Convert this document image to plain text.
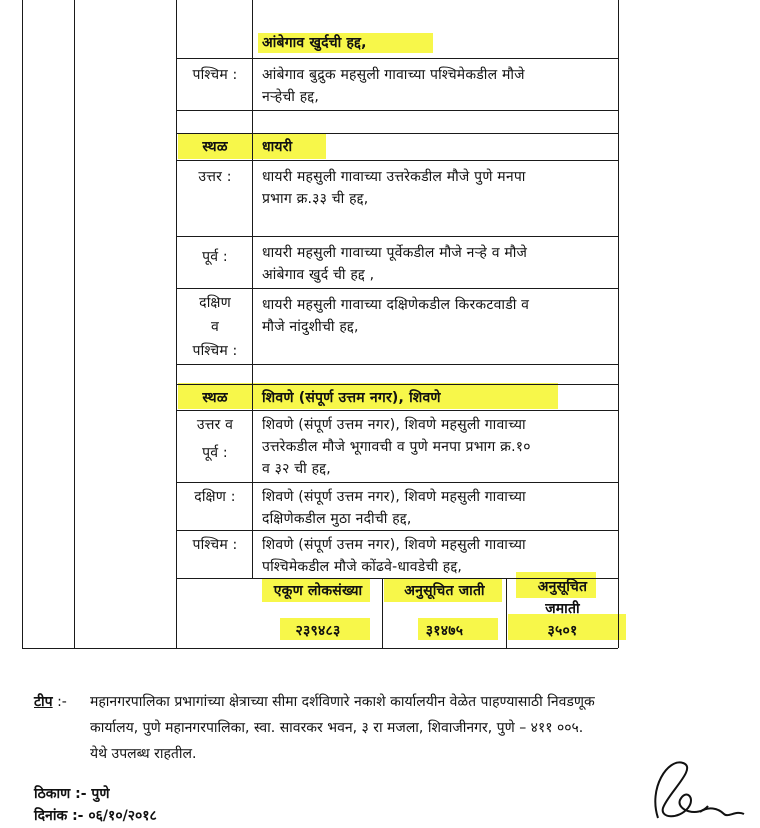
आंबेगाव खुर्दची हद्द,
पश्चिम :	आंबेगाव बुद्रुक महसुली गावाच्या पश्चिमेकडील मौजे
नऱ्हेची हद्द,
स्थळ	धायरी
उत्तर :	धायरी महसुली गावाच्या उत्तरेकडील मौजे पुणे मनपा
प्रभाग क्र.३३ ची हद्द,
पूर्व :	धायरी महसुली गावाच्या पूर्वेकडील मौजे नऱ्हे व मौजे
आंबेगाव खुर्द ची हद्द ,
दक्षिण
व
पश्चिम :
धायरी महसुली गावाच्या दक्षिणेकडील किरकटवाडी व
मौजे नांदुशीची हद्द,
स्थळ	शिवणे (संपूर्ण उत्तम नगर), शिवणे
उत्तर व
पूर्व :
शिवणे (संपूर्ण उत्तम नगर), शिवणे महसुली गावाच्या
उत्तरेकडील मौजे भूगावची व पुणे मनपा प्रभाग क्र.१०
व ३२ ची हद्द,
दक्षिण :	शिवणे (संपूर्ण उत्तम नगर), शिवणे महसुली गावाच्या
दक्षिणेकडील मुठा नदीची हद्द,
पश्चिम :	शिवणे (संपूर्ण उत्तम नगर), शिवणे महसुली गावाच्या
पश्चिमेकडील मौजे कोंढवे-धावडेची हद्द,
एकूण लोकसंख्या	अनुसूचित जाती	अनुसूचित
जमाती
२३९४८३	३१४७५	३५०१
टीप :- महानगरपालिका प्रभागांच्या क्षेत्राच्या सीमा दर्शविणारे नकाशे कार्यालयीन वेळेत पाहण्यासाठी निवडणूक
कार्यालय, पुणे महानगरपालिका, स्वा. सावरकर भवन, ३ रा मजला, शिवाजीनगर, पुणे – ४११ ००५.
येथे उपलब्ध राहतील.
ठिकाण :- पुणे
दिनांक :- ०६/१०/२०१८
